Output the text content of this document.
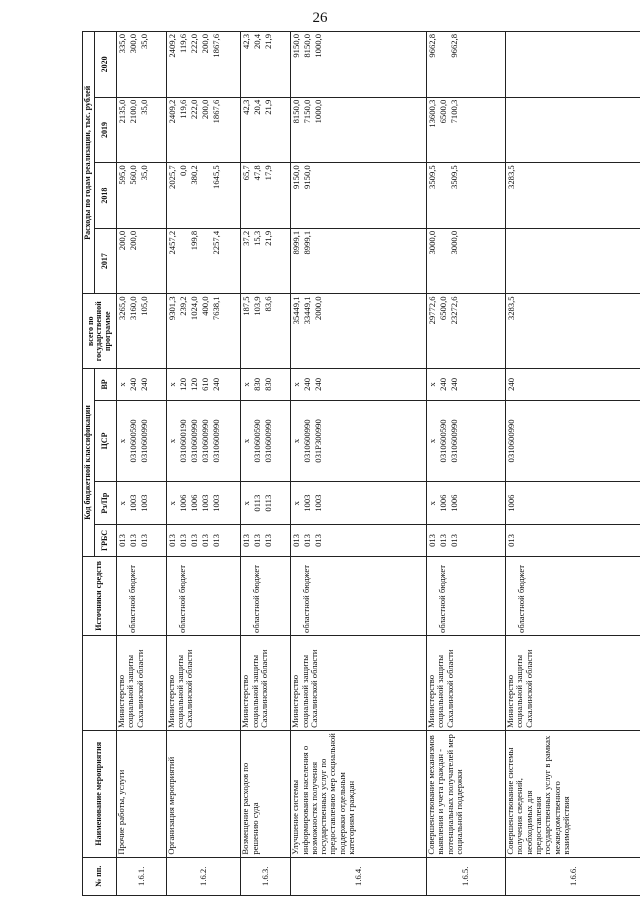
26
№ пп.	Наименование мероприятия		Источники средств	Код бюджетной классификации				всего по государственной программе	Расходы по годам реализации, тыс. рублей			
				ГРБС	Рз/Пр	ЦСР	ВР		2017	2018	2019	2020
1.6.1.	Прочие работы, услуги	Министерство социальной защиты Сахалинской области	областной бюджет	013 013 013	x 1003 1003	x 0310600590 0310600990	x 240 240	3265,0 3160,0 105,0	200,0 200,0	595,0 560,0 35,0	2135,0 2100,0 35,0	335,0 300,0 35,0

1.6.2.	Организация мероприятий	Министерство социальной защиты Сахалинской области	областной бюджет	013 013 013 013 013	x 1006 1006 1003 1003	x 0310600190 0310600990 0310600990 0310600990	x 120 120 610 240	9301,3 239,2 1024,0 400,0 7638,1	2457,2 199,8 2257,4	2025,7 0,0 380,2 1645,5	2409,2 119,6 222,0 200,0 1867,6	2409,2 119,6 222,0 200,0 1867,6

1.6.3.	Возмещение расходов по решению суда	Министерство социальной защиты Сахалинской области	областной бюджет	013 013 013	x 0113 0113	x 0310600590 0310600990	x 830 830	187,5 103,9 83,6	37,2 15,3 21,9	65,7 47,8 17,9	42,3 20,4 21,9	42,3 20,4 21,9

1.6.4.	Улучшение системы информирования населения о возможностях получения государственных услуг по предоставлению мер социальной поддержки отдельным категориям граждан	Министерство социальной защиты Сахалинской области	областной бюджет	013 013 013	x 1003 1003	x 0310600990 031P300990	x 240 240	35449,1 33449,1 2000,0	8999,1 8999,1	9150,0 9150,0	8150,0 7150,0 1000,0	9150,0 8150,0 1000,0

1.6.5.	Совершенствование механизмов выявления и учета граждан - потенциальных получателей мер социальной поддержки	Министерство социальной защиты Сахалинской области	областной бюджет	013 013 013	x 1006 1006	x 0310600590 0310600990	x 240 240	29772,6 6500,0 23272,6	3000,0 3000,0	3509,5 3509,5	13600,3 6500,0 7100,3	9662,8 9662,8

1.6.6.	Совершенствование системы получения сведений, необходимых для предоставления государственных услуг в рамках межведомственного взаимодействия	Министерство социальной защиты Сахалинской области	областной бюджет	013	1006	0310600990	240	3283,5		3283,5		
